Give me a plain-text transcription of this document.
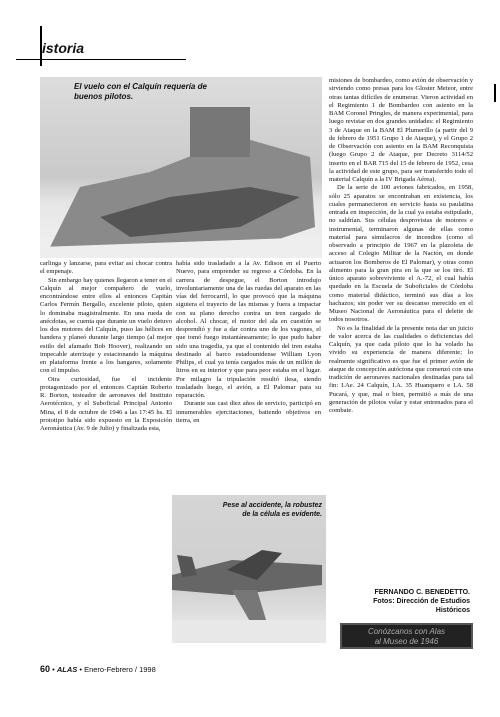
istoria
El vuelo con el Calquín requería de buenos pilotos.

carlinga y lanzarse, para evitar así chocar contra el empenaje.

Sin embargo hay quienes llegaron a tener en el Calquín al mejor compañero de vuelo, encontrándose entre ellos al entonces Capitán Carlos Fermín Bergallo, excelente piloto, quien lo dominaba magistralmente. En una rueda de anécdotas, se cuenta que durante un vuelo detuvo los dos motores del Calquín, puso las hélices en bandera y planeó durante largo tiempo (al mejor estilo del afamado Bob Hoover), realizando un impecable aterrizaje y estacionando la máquina en plataforma frente a los hangares, solamente con el impulso.

Otra curiosidad, fue el incidente protagonizado por el entonces Capitán Roberto R. Borton, testeador de aeronaves del Instituto Aerotécnico, y el Suboficial Principal Antonio Mina, el 8 de octubre de 1946 a las 17:45 hs. El prototipo había sido expuesto en la Exposición Aeronáutica (Av. 9 de Julio) y finalizada esta,

había sido trasladado a la Av. Edison en el Puerto Nuevo, para emprender su regreso a Córdoba. En la carrera de despegue, el Borton introdujo involuntariamente una de las ruedas del aparato en las vías del ferrocarril, lo que provocó que la máquina siguiera el trayecto de las mismas y fuera a impactar con su plano derecho contra un tren cargado de alcohol. Al chocar, el motor del ala en cuestión se desprendió y fue a dar contra uno de los vagones, el que tomó fuego instantáneamente; lo que pudo haber sido una tragedia, ya que el contenido del tren estaba destinado al barco estadounidense William Lyon Philips, el cual ya tenía cargados más de un millón de litros en su interior y que para peor estaba en el lugar. Por milagro la tripulación resultó ilesa, siendo trasladado luego, el avión, a El Palomar para su reparación.

Durante sus casi diez años de servicio, participó en innumerables ejercitaciones, batiendo objetivos en tierra, en

misiones de bombardeo, como avión de observación y sirviendo como presas para los Gloster Meteor, entre otras tantas difíciles de enumerar. Vieron actividad en el Regimiento 1 de Bombardeo con asiento en la BAM Coronel Pringles, de manera experimental, para luego revistar en dos grandes unidades: el Regimiento 3 de Ataque en la BAM El Plumerillo (a partir del 9 de febrero de 1951 Grupo 1 de Ataque), y el Grupo 2 de Observación con asiento en la BAM Reconquista (luego Grupo 2 de Ataque, por Decreto 3114/52 inserto en el BAR 715 del 15 de febrero de 1952, cesa la actividad de este grupo, para ser transferido todo el material Calquín a la IV Brigada Aérea).

De la serie de 100 aviones fabricados, en 1958, sólo 25 aparatos se encontraban en existencia, los cuales permanecieron en servicio hasta su paulatina entrada en inspección, de la cual ya estaba estipulado, no saldrían. Sus células desprovistas de motores e instrumental, terminaron algunas de ellas como material para simulacros de incendios (como el observado a principio de 1967 en la plazoleta de acceso al Colegio Militar de la Nación, en donde actuaron los Bomberos de El Palomar), y otras como alimento para la gran pira en la que se los tiró. El único aparato sobreviviente el A.-72, el cual había quedado en la Escuela de Suboficiales de Córdoba como material didáctico, terminó sus días a los hachazos; sin poder ver su descanso merecido en el Museo Nacional de Aeronáutica para el deleite de todos nosotros.

No es la finalidad de la presente nota dar un juicio de valor acerca de las cualidades o deficiencias del Calquín, ya que cada piloto que lo ha volado ha vivido su experiencia de manera diferente; lo realmente significativo es que fue el primer avión de ataque de concepción autóctona que comenzó con una tradición de aeronaves nacionales destinadas para tal fin: I.Ae. 24 Calquín, I.A. 35 Huanquero e I.A. 58 Pucará, y que, mal o bien, permitió a más de una generación de pilotos volar y estar entrenados para el combate.

Pese al accidente, la robustez de la célula es evidente.
FERNANDO C. BENEDETTO.
Fotos: Dirección de Estudios Históricos
Conózcanos con Alas
al Museo de 1946
60 • ALAS • Enero-Febrero / 1998
